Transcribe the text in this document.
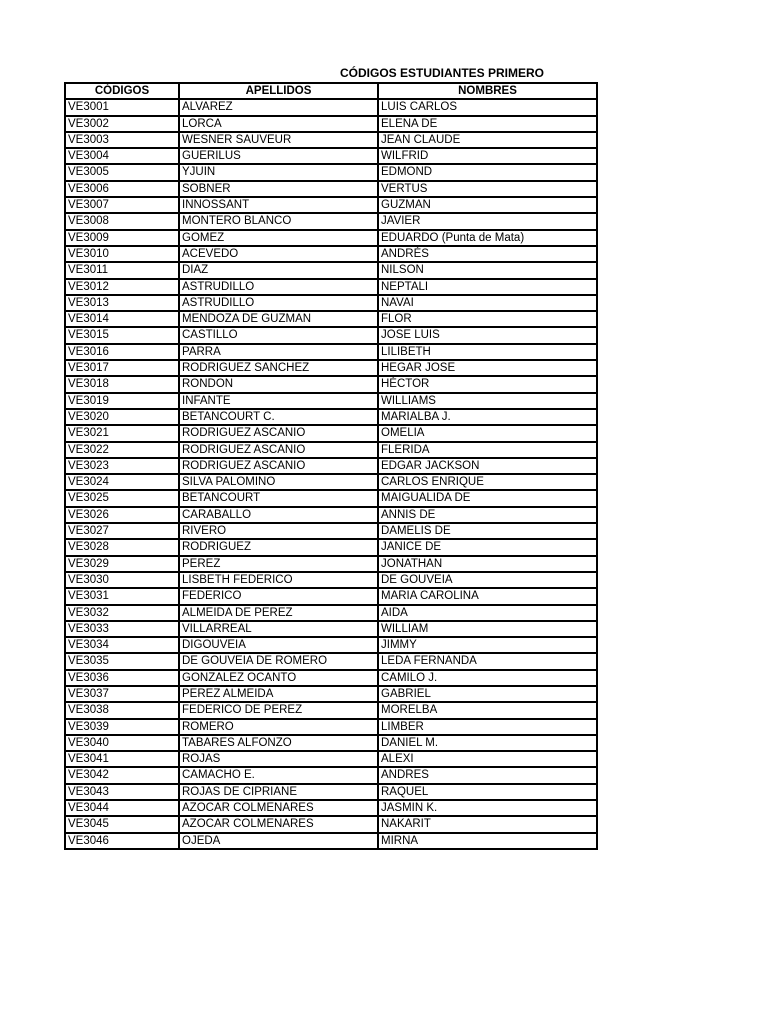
CÓDIGOS ESTUDIANTES PRIMERO
CÓDIGOS	APELLIDOS	NOMBRES
VE3001	ALVAREZ	LUIS CARLOS
VE3002	LORCA	ELENA DE
VE3003	WESNER SAUVEUR	JEAN CLAUDE
VE3004	GUERILUS	WILFRID
VE3005	YJUIN	EDMOND
VE3006	SOBNER	VERTUS
VE3007	INNOSSANT	GUZMAN
VE3008	MONTERO BLANCO	JAVIER
VE3009	GOMEZ	EDUARDO (Punta de Mata)
VE3010	ACEVEDO	ANDRÉS
VE3011	DIAZ	NILSON
VE3012	ASTRUDILLO	NEPTALI
VE3013	ASTRUDILLO	NAVAI
VE3014	MENDOZA DE GUZMAN	FLOR
VE3015	CASTILLO	JOSE LUIS
VE3016	PARRA	LILIBETH
VE3017	RODRIGUEZ SANCHEZ	HEGAR JOSE
VE3018	RONDON	HÉCTOR
VE3019	INFANTE	WILLIAMS
VE3020	BETANCOURT C.	MARIALBA J.
VE3021	RODRIGUEZ ASCANIO	OMELIA
VE3022	RODRIGUEZ ASCANIO	FLERIDA
VE3023	RODRIGUEZ ASCANIO	EDGAR JACKSON
VE3024	SILVA PALOMINO	CARLOS ENRIQUE
VE3025	BETANCOURT	MAIGUALIDA DE
VE3026	CARABALLO	ANNIS DE
VE3027	RIVERO	DAMELIS DE
VE3028	RODRIGUEZ	JANICE DE
VE3029	PEREZ	JONATHAN
VE3030	LISBETH FEDERICO	DE GOUVEIA
VE3031	FEDERICO	MARIA CAROLINA
VE3032	ALMEIDA DE PEREZ	AIDA
VE3033	VILLARREAL	WILLIAM
VE3034	DIGOUVEIA	JIMMY
VE3035	DE GOUVEIA DE ROMERO	LEDA FERNANDA
VE3036	GONZALEZ OCANTO	CAMILO J.
VE3037	PEREZ ALMEIDA	GABRIEL
VE3038	FEDERICO DE PEREZ	MORELBA
VE3039	ROMERO	LIMBER
VE3040	TABARES ALFONZO	DANIEL M.
VE3041	ROJAS	ALEXI
VE3042	CAMACHO E.	ANDRES
VE3043	ROJAS DE CIPRIANE	RAQUEL
VE3044	AZOCAR COLMENARES	JASMIN K.
VE3045	AZOCAR COLMENARES	NAKARIT
VE3046	OJEDA	MIRNA
